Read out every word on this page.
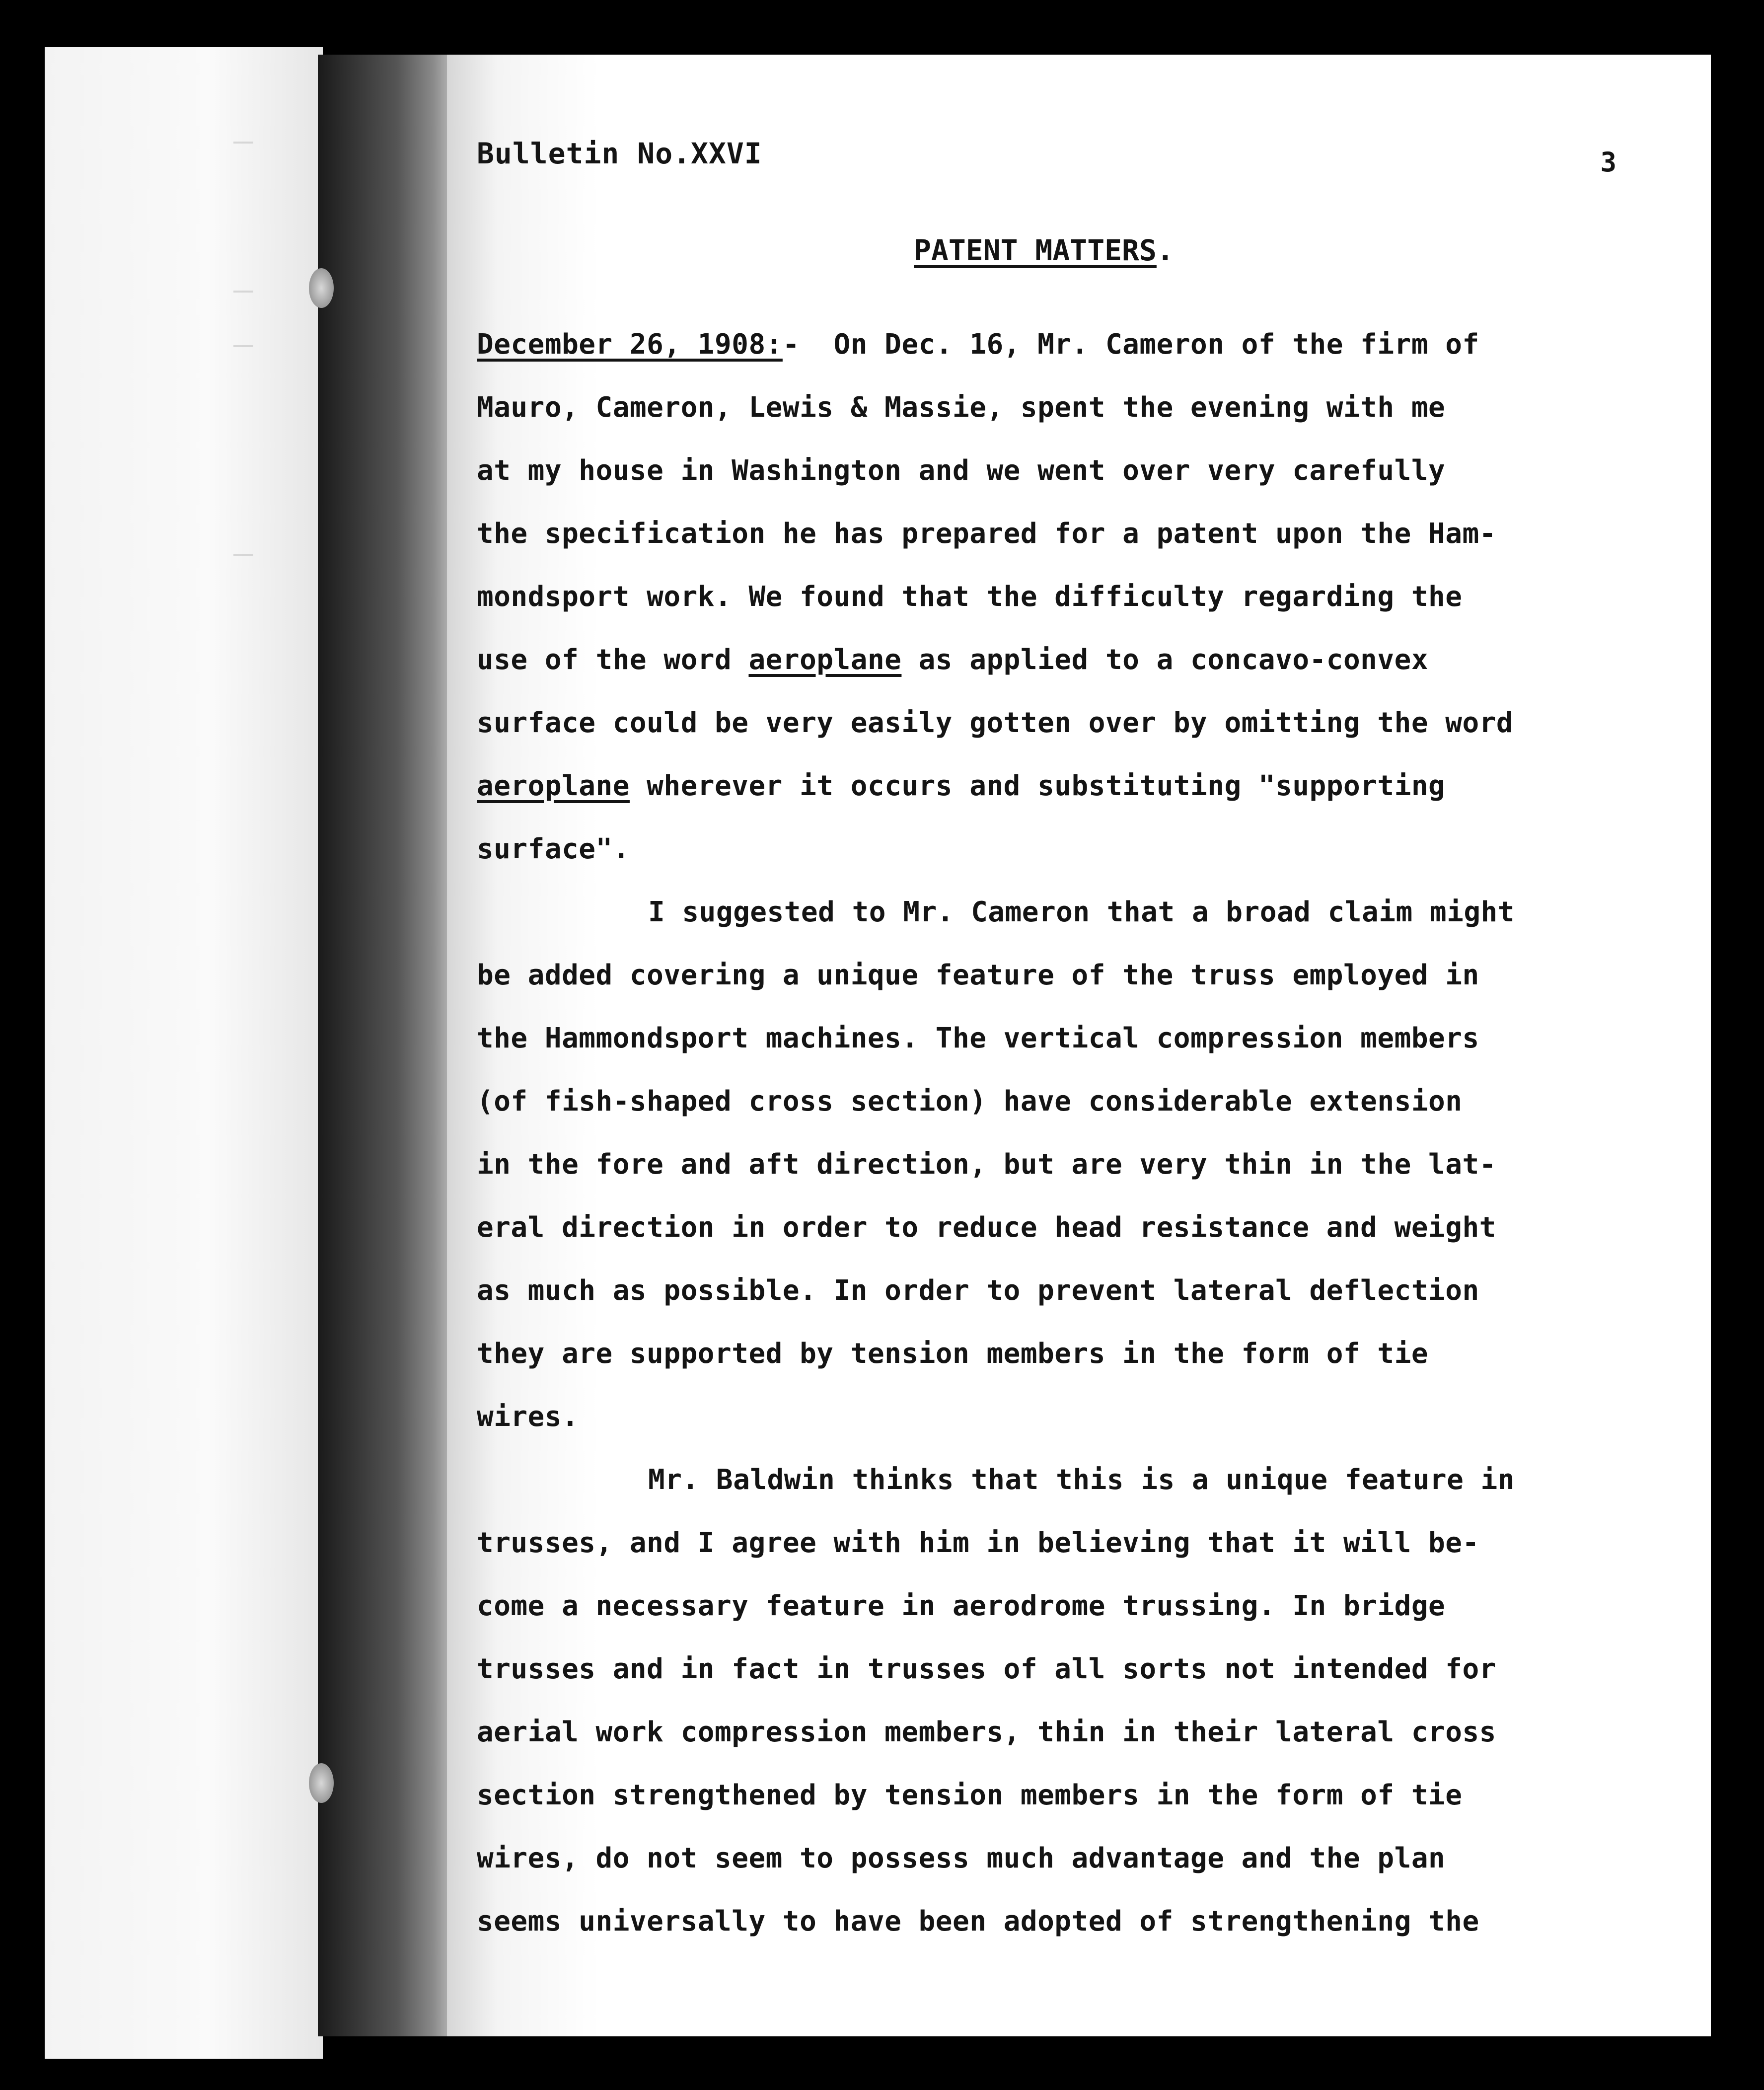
Bulletin No.XXVI	3
PATENT MATTERS.
December 26, 1908:-  On Dec. 16, Mr. Cameron of the firm of
Mauro, Cameron, Lewis & Massie, spent the evening with me
at my house in Washington and we went over very carefully
the specification he has prepared for a patent upon the Ham-
mondsport work. We found that the difficulty regarding the
use of the word aeroplane as applied to a concavo-convex
surface could be very easily gotten over by omitting the word
aeroplane wherever it occurs and substituting "supporting
surface".
I suggested to Mr. Cameron that a broad claim might
be added covering a unique feature of the truss employed in
the Hammondsport machines. The vertical compression members
(of fish-shaped cross section) have considerable extension
in the fore and aft direction, but are very thin in the lat-
eral direction in order to reduce head resistance and weight
as much as possible. In order to prevent lateral deflection
they are supported by tension members in the form of tie
wires.
Mr. Baldwin thinks that this is a unique feature in
trusses, and I agree with him in believing that it will be-
come a necessary feature in aerodrome trussing. In bridge
trusses and in fact in trusses of all sorts not intended for
aerial work compression members, thin in their lateral cross
section strengthened by tension members in the form of tie
wires, do not seem to possess much advantage and the plan
seems universally to have been adopted of strengthening the
